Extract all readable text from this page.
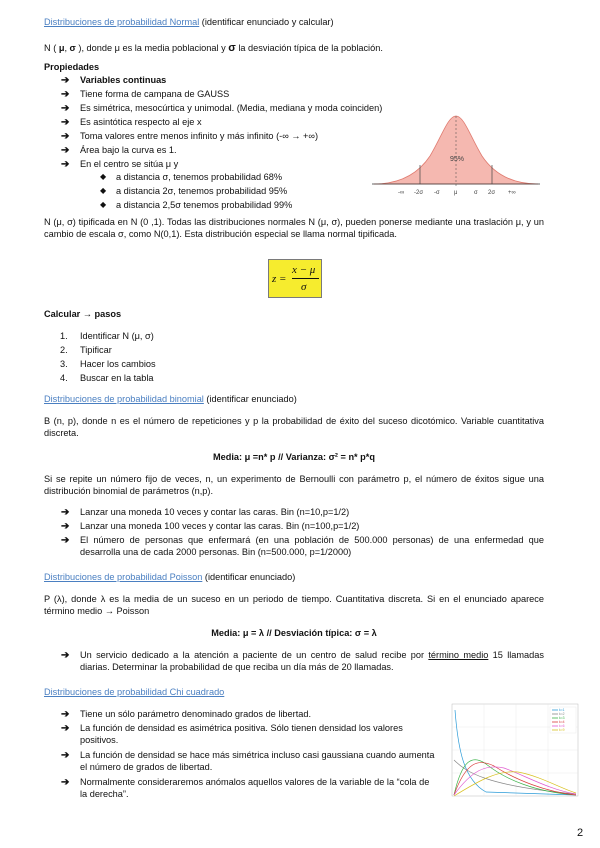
Distribuciones de probabilidad Normal (identificar enunciado y calcular)
N ( μ, σ ), donde μ es la media poblacional y σ la desviación típica de la población.
Propiedades
➔ Variables continuas
➔ Tiene forma de campana de GAUSS
➔ Es simétrica, mesocúrtica y unimodal. (Media, mediana y moda coinciden)
➔ Es asintótica respecto al eje x
➔ Toma valores entre menos infinito y más infinito (-∞ → +∞)
➔ Área bajo la curva es 1.
➔ En el centro se sitúa μ y
◆ a distancia σ, tenemos probabilidad 68%
◆ a distancia 2σ, tenemos probabilidad 95%
◆ a distancia 2,5σ tenemos probabilidad 99%
95%
-∞ -2σ -σ μ	σ 2σ +∞
N (μ, σ) tipificada en N (0 ,1). Todas las distribuciones normales N (μ, σ), pueden ponerse mediante una traslación μ, y un cambio de escala σ, como N(0,1). Esta distribución especial se llama normal tipificada.
z =
x − μ
σ
Calcular → pasos
1. Identificar N (μ, σ)
2. Tipificar
3. Hacer los cambios
4. Buscar en la tabla
Distribuciones de probabilidad binomial (identificar enunciado)
B (n, p), donde n es el número de repeticiones y p la probabilidad de éxito del suceso dicotómico. Variable cuantitativa discreta.
Media: μ =n* p // Varianza: σ² = n* p*q
Si se repite un número fijo de veces, n, un experimento de Bernoulli con parámetro p, el número de éxitos sigue una distribución binomial de parámetros (n,p).
➔ Lanzar una moneda 10 veces y contar las caras. Bin (n=10,p=1/2)
➔ Lanzar una moneda 100 veces y contar las caras. Bin (n=100,p=1/2)
➔ El número de personas que enfermará (en una población de 500.000 personas) de una enfermedad que desarrolla una de cada 2000 personas. Bin (n=500.000, p=1/2000)
Distribuciones de probabilidad Poisson (identificar enunciado)
P (λ), donde λ es la media de un suceso en un periodo de tiempo. Cuantitativa discreta. Si en el enunciado aparece término medio → Poisson
Media: μ = λ // Desviación típica: σ = λ
➔ Un servicio dedicado a la atención a paciente de un centro de salud recibe por término medio 15 llamadas diarias. Determinar la probabilidad de que reciba un día más de 20 llamadas.
Distribuciones de probabilidad Chi cuadrado
➔ Tiene un sólo parámetro denominado grados de libertad.
➔ La función de densidad es asimétrica positiva. Sólo tienen densidad los valores positivos.
➔ La función de densidad se hace más simétrica incluso casi gaussiana cuando aumenta el número de grados de libertad.
➔ Normalmente consideraremos anómalos aquellos valores de la variable de la “cola de la derecha”.
k=1
k=2
k=3
k=4
k=6
k=9
2
